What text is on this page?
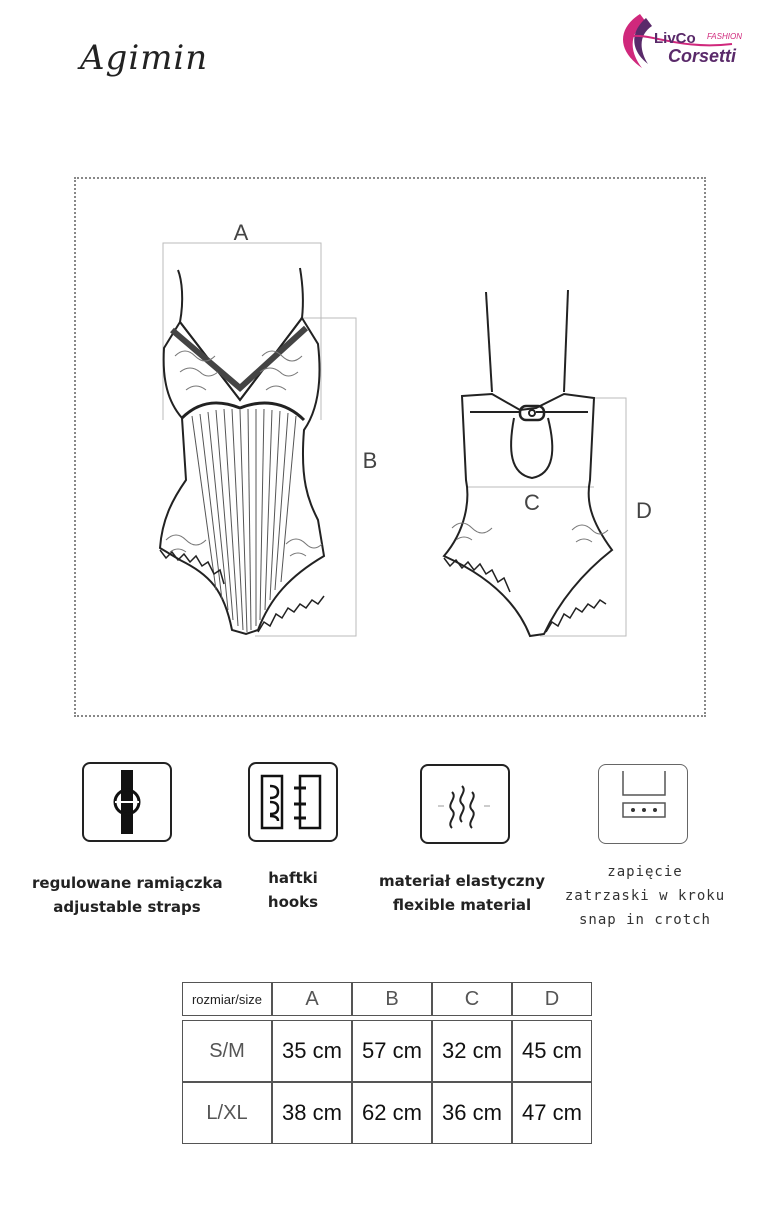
Agimin	LivCo FASHION
Corsetti
A
B
C	D
regulowane ramiączka
adjustable straps
haftki
hooks
materiał elastyczny
flexible material
zapięcie
zatrzaski w kroku
snap in crotch
rozmiar/size	A	B	C	D

S/M	35 cm	57 cm	32 cm	45 cm
L/XL	38 cm	62 cm	36 cm	47 cm
